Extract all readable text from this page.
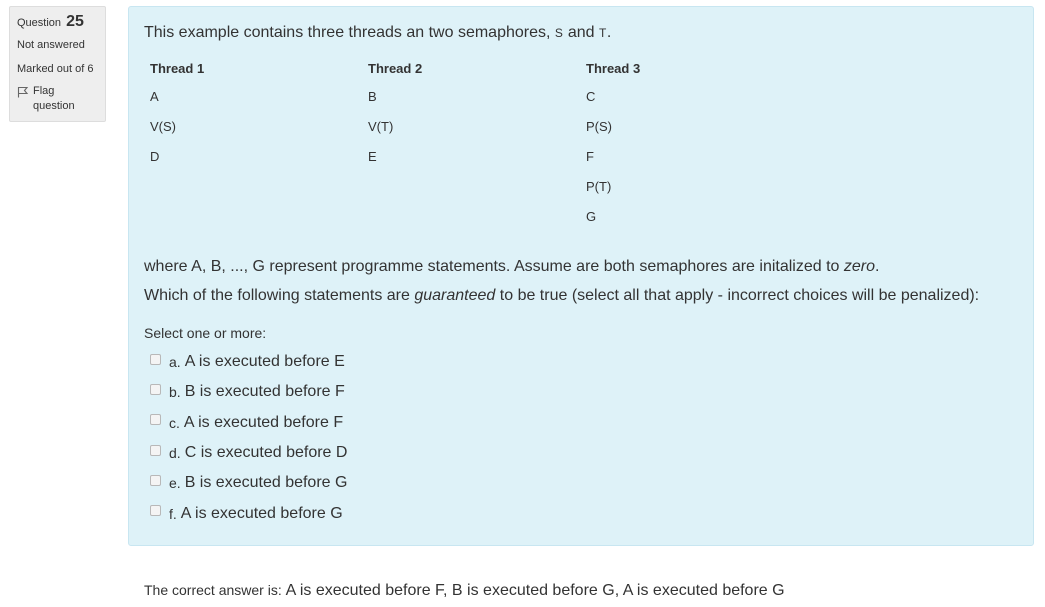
Question 25
Not answered
Marked out of 6
Flag question
This example contains three threads an two semaphores, S and T.
Thread 1	Thread 2	Thread 3
A	B	C
V(S)	V(T)	P(S)
D	E	F
		P(T)
		G
where A, B, ..., G represent programme statements. Assume are both semaphores are initalized to zero.
Which of the following statements are guaranteed to be true (select all that apply - incorrect choices will be penalized):
Select one or more:
a. A is executed before E
b. B is executed before F
c. A is executed before F
d. C is executed before D
e. B is executed before G
f. A is executed before G
The correct answer is: A is executed before F, B is executed before G, A is executed before G
